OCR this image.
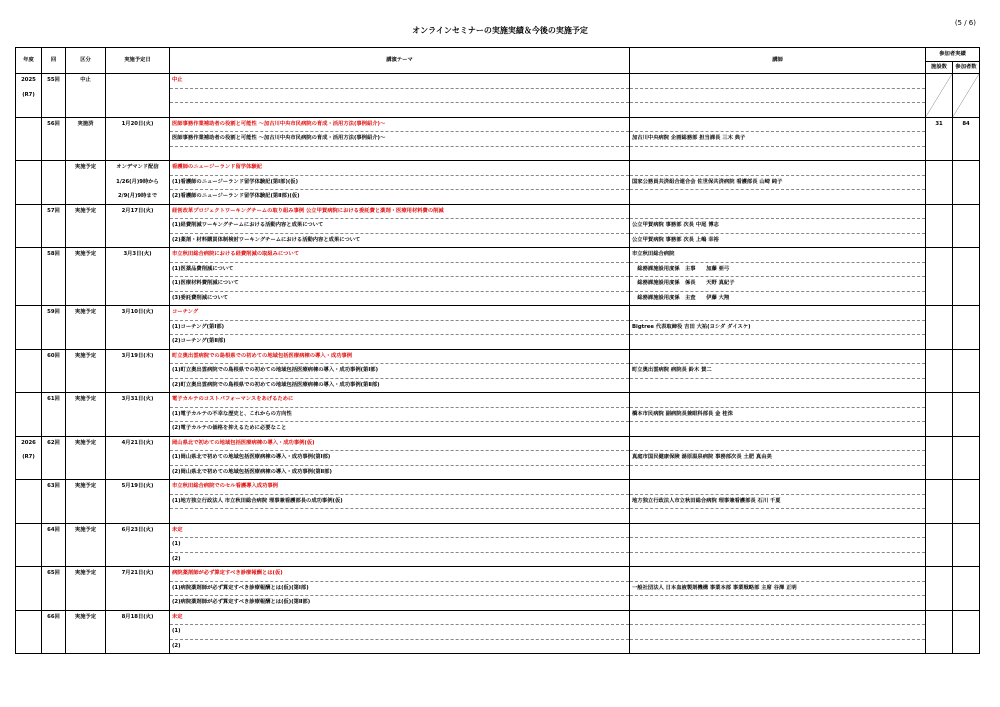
オンラインセミナーの実施実績＆今後の実施予定
(5 / 6)
年度	回	区分	実施予定日	講演テーマ	講師	参加者実績	
						施設数	参加者数
2025	55回	中止		中止		

(R7)							

	56回	実施済	1月20日(火)	医師事務作業補助者の役割と可能性 ～加古川中央市民病院の育成・活用方法(事例紹介)～		31	84
				医師事務作業補助者の役割と可能性 ～加古川中央市民病院の育成・活用方法(事例紹介)～	加古川中央病院 企画総務部 担当課長 三木 典子		

		実施予定	オンデマンド配信	看護師のニュージーランド留学体験記			
			1/26(月)9時から	(1)看護師のニュージーランド留学体験記(第Ⅰ部)(仮)	国家公務員共済組合連合会 佐世保共済病院 看護部長 山崎 純子		
			2/9(月)9時まで	(2)看護師のニュージーランド留学体験記(第Ⅱ部)(仮)			
	57回	実施予定	2月17日(火)	経営改革プロジェクトワーキングチームの取り組み事例 公立甲賀病院における委託費と薬剤・医療用材料費の削減			
				(1)経費削減ワーキングチームにおける活動内容と成果について	公立甲賀病院 事務部 次長 中尾 博志		
				(2)薬剤・材料購買体制検討ワーキングチームにおける活動内容と成果について	公立甲賀病院 事務部 次長 上嶋 幸裕		
	58回	実施予定	3月3日(火)	市立秋田総合病院における経費削減の取組みについて	市立秋田総合病院		
				(1)医薬品費削減について	　総務課施設用度係　主事　　加藤 亜弓		
				(1)医療材料費削減について	　総務課施設用度係　係長　　天野 真紀子		
				(3)委託費削減について	　総務課施設用度係　主査　　伊藤 大翔		
	59回	実施予定	3月10日(火)	コーチング			
				(1)コーチング(第Ⅰ部)	Bigtree 代表取締役 吉田 大祐(ヨシダ ダイスケ)		
				(2)コーチング(第Ⅱ部)			
	60回	実施予定	3月19日(木)	町立奥出雲病院での島根県での初めての地域包括医療病棟の導入・成功事例			
				(1)町立奥出雲病院での島根県での初めての地域包括医療病棟の導入・成功事例(第Ⅰ部)	町立奥出雲病院 病院長 鈴木 賀二		
				(2)町立奥出雲病院での島根県での初めての地域包括医療病棟の導入・成功事例(第Ⅱ部)			
	61回	実施予定	3月31日(火)	電子カルテのコストパフォーマンスをあげるために			
				(1)電子カルテの不幸な歴史と、これからの方向性	橋本市民病院 副病院長兼眼科部長 金 桂洙		
				(2)電子カルテの価格を抑えるために必要なこと			
2026	62回	実施予定	4月21日(火)	岡山県北で初めての地域包括医療病棟の導入・成功事例(仮)			
(R7)				(1)岡山県北で初めての地域包括医療病棟の導入・成功事例(第Ⅰ部)	真庭市国民健康保険 湯原温泉病院 事務部次長 土肥 真由美		
				(2)岡山県北で初めての地域包括医療病棟の導入・成功事例(第Ⅱ部)			
	63回	実施予定	5月19日(火)	市立秋田総合病院でのセル看護導入成功事例			
				(1)地方独立行政法人 市立秋田総合病院 理事兼看護部長の成功事例(仮)	地方独立行政法人市立秋田総合病院 理事兼看護部長 石川 千夏		

	64回	実施予定	6月23日(火)	未定			
				(1)			
				(2)			
	65回	実施予定	7月21日(火)	病院薬剤師が必ず算定すべき診療報酬とは(仮)			
				(1)病院薬剤師が必ず算定すべき診療報酬とは(仮)(第Ⅰ部)	一般社団法人 日本血液製剤機構 事業本部 事業戦略部 主席 谷澤 正明		
				(2)病院薬剤師が必ず算定すべき診療報酬とは(仮)(第Ⅱ部)			
	66回	実施予定	8月18日(火)	未定			
				(1)			
				(2)			
